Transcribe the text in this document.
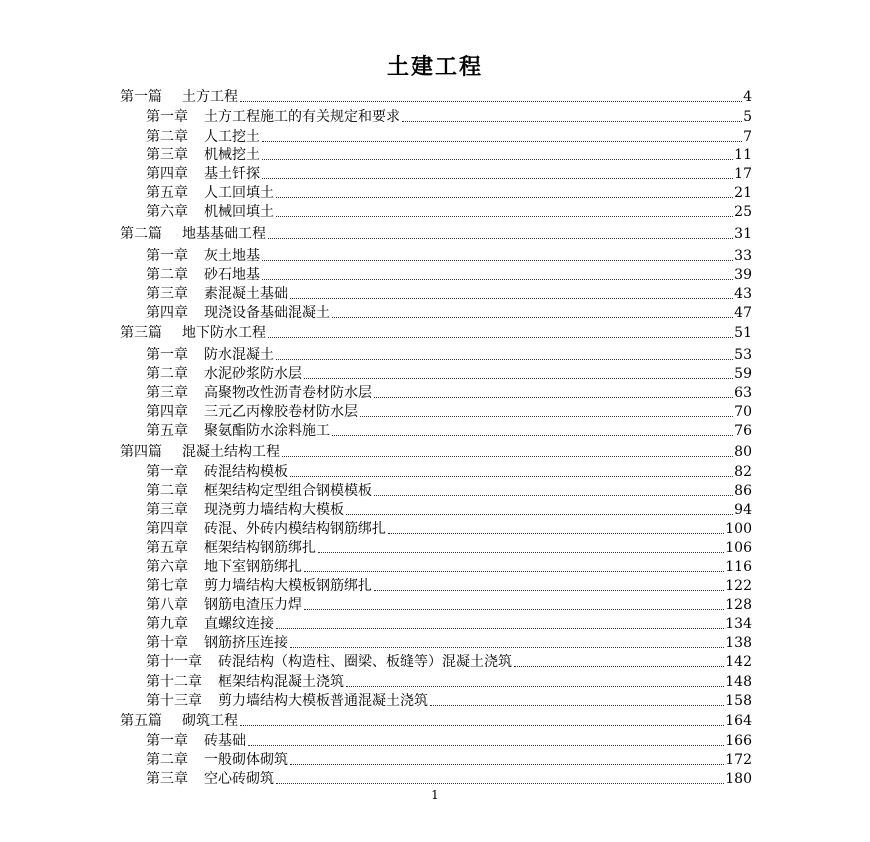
土建工程
第一篇 土方工程	4
第一章 土方工程施工的有关规定和要求	5
第二章 人工挖土	7
第三章 机械挖土	11
第四章 基土钎探	17
第五章 人工回填土	21
第六章 机械回填土	25
第二篇 地基基础工程	31
第一章 灰土地基	33
第二章 砂石地基	39
第三章 素混凝土基础	43
第四章 现浇设备基础混凝土	47
第三篇 地下防水工程	51
第一章 防水混凝土	53
第二章 水泥砂浆防水层	59
第三章 高聚物改性沥青卷材防水层	63
第四章 三元乙丙橡胶卷材防水层	70
第五章 聚氨酯防水涂料施工	76
第四篇 混凝土结构工程	80
第一章 砖混结构模板	82
第二章 框架结构定型组合钢模模板	86
第三章 现浇剪力墙结构大模板	94
第四章 砖混、外砖内模结构钢筋绑扎	100
第五章 框架结构钢筋绑扎	106
第六章 地下室钢筋绑扎	116
第七章 剪力墙结构大模板钢筋绑扎	122
第八章 钢筋电渣压力焊	128
第九章 直螺纹连接	134
第十章 钢筋挤压连接	138
第十一章 砖混结构（构造柱、圈梁、板缝等）混凝土浇筑	142
第十二章 框架结构混凝土浇筑	148
第十三章 剪力墙结构大模板普通混凝土浇筑	158
第五篇 砌筑工程	164
第一章 砖基础	166
第二章 一般砌体砌筑	172
第三章 空心砖砌筑	180
1
